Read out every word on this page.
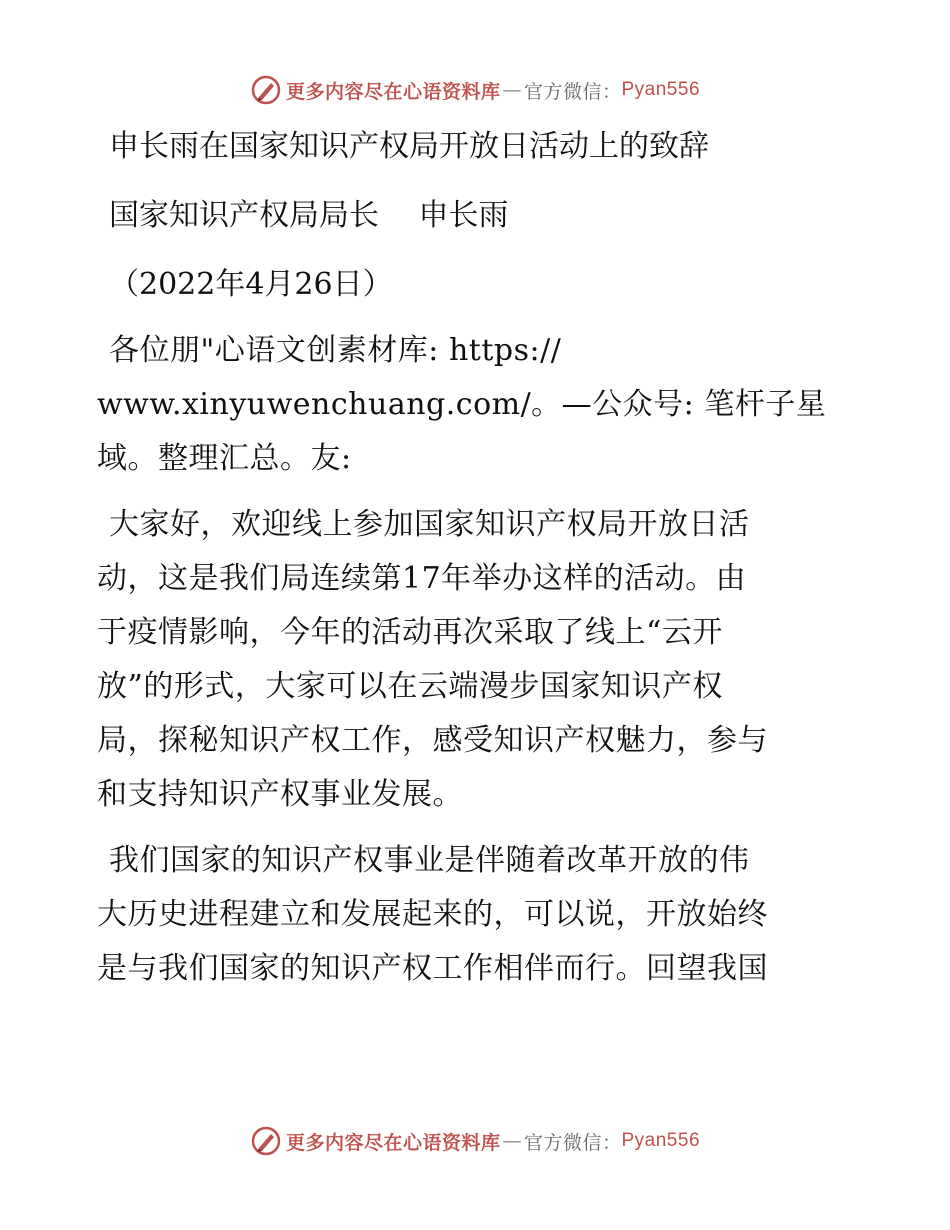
更多内容尽在心语资料库 — 官方微信： Pyan556
申长雨在国家知识产权局开放日活动上的致辞
国家知识产权局局长　 申长雨
（2022年4月26日）
各位朋"心语文创素材库: https://
www.xinyuwenchuang.com/。—公众号: 笔杆子星
域。整理汇总。友:
大家好，欢迎线上参加国家知识产权局开放日活
动，这是我们局连续第17年举办这样的活动。由
于疫情影响，今年的活动再次采取了线上“云开
放”的形式，大家可以在云端漫步国家知识产权
局，探秘知识产权工作，感受知识产权魅力，参与
和支持知识产权事业发展。
我们国家的知识产权事业是伴随着改革开放的伟
大历史进程建立和发展起来的，可以说，开放始终
是与我们国家的知识产权工作相伴而行。回望我国
更多内容尽在心语资料库 — 官方微信： Pyan556
